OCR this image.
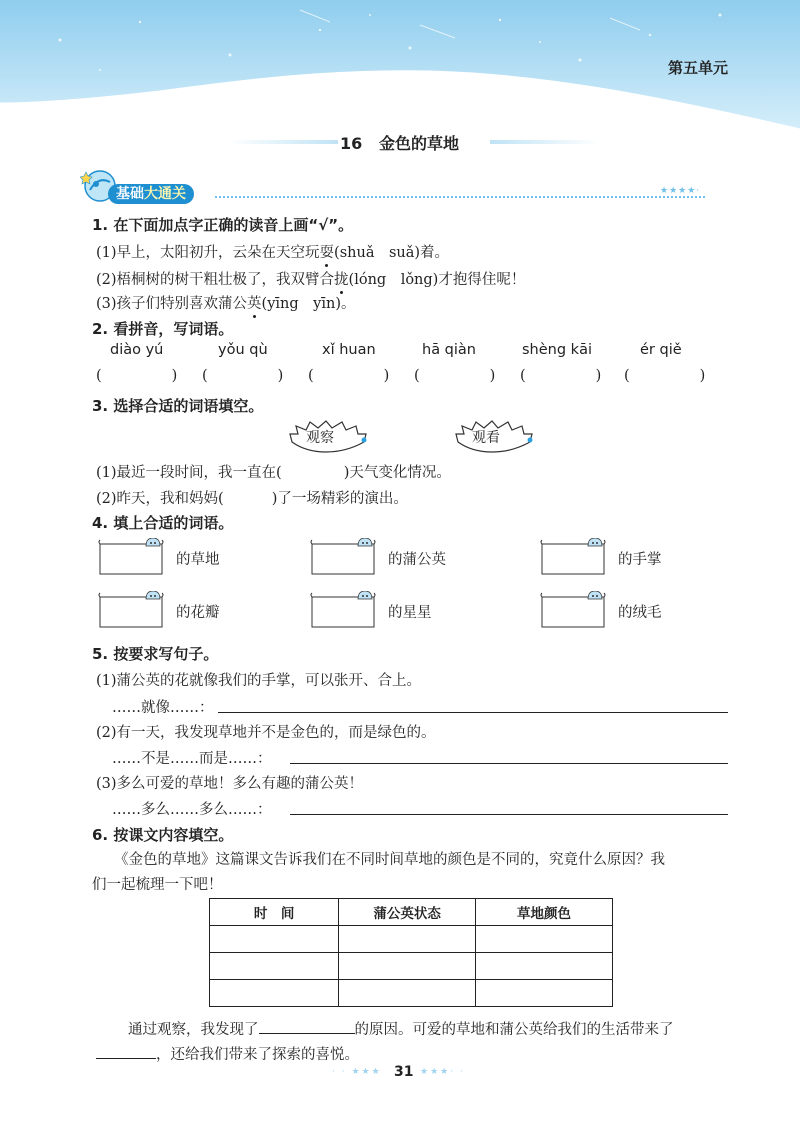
第五单元
16 金色的草地
基础大通关	★★★★·
1. 在下面加点字正确的读音上画“√”。
(1)早上，太阳初升，云朵在天空玩耍(shuǎ　suǎ)着。
(2)梧桐树的树干粗壮极了，我双臂合拢(lóng　lǒng)才抱得住呢！
(3)孩子们特别喜欢蒲公英(yīng　yīn)。
2. 看拼音，写词语。
diào yú	yǒu qù	xǐ huan	hā qiàn	shèng kāi	ér qiě
(	) (	) (	) (	) (	) (	)
3. 选择合适的词语填空。
观察	观看
(1)最近一段时间，我一直在(	)天气变化情况。
(2)昨天，我和妈妈(	)了一场精彩的演出。
4. 填上合适的词语。
的草地	的蒲公英	的手掌
的花瓣	的星星	的绒毛
5. 按要求写句子。
(1)蒲公英的花就像我们的手掌，可以张开、合上。
……就像……：
(2)有一天，我发现草地并不是金色的，而是绿色的。
……不是……而是……：
(3)多么可爱的草地！多么有趣的蒲公英！
……多么……多么……：
6. 按课文内容填空。
《金色的草地》这篇课文告诉我们在不同时间草地的颜色是不同的，究竟什么原因？我
们一起梳理一下吧！
时　间	蒲公英状态	草地颜色

通过观察，我发现了	的原因。可爱的草地和蒲公英给我们的生活带来了
，还给我们带来了探索的喜悦。
· · ★★★ 31 ★★★· ·
